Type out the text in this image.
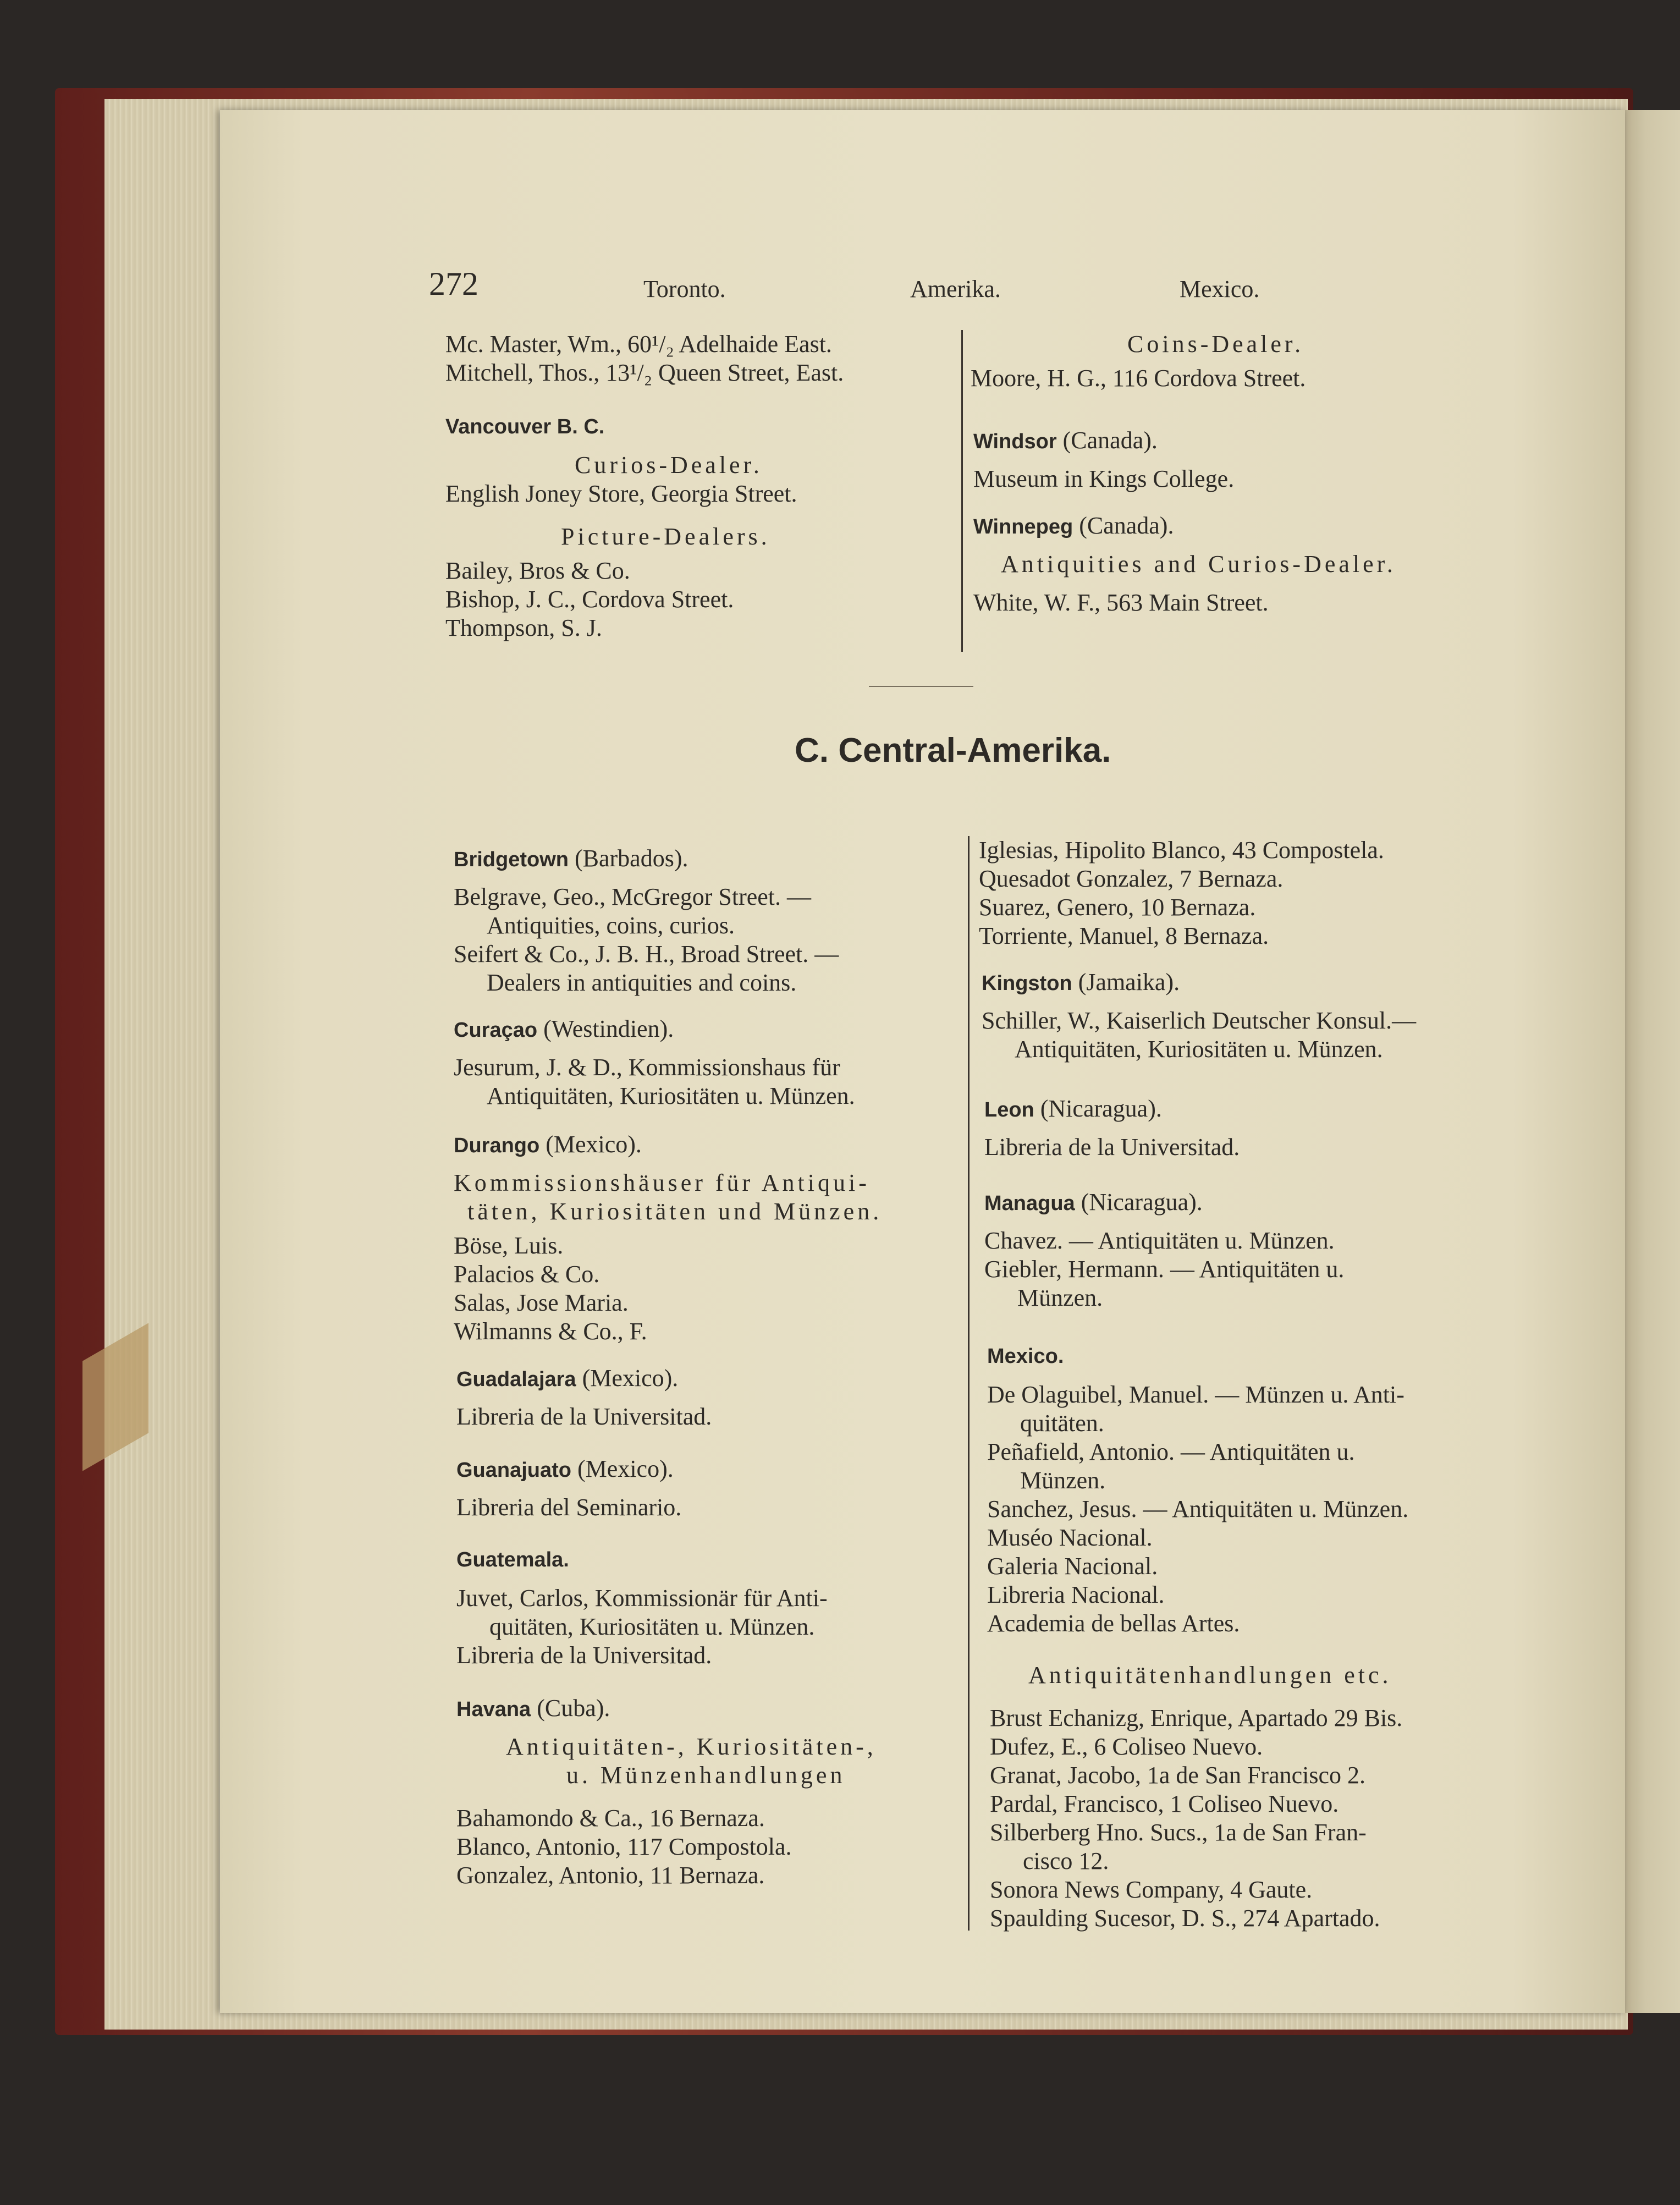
272	Toronto.	Amerika.	Mexico.
Mc. Master, Wm., 60¹/₂ Adelhaide East.
Mitchell, Thos., 13¹/₂ Queen Street, East.
Vancouver B. C.
Curios-Dealer.
English Joney Store, Georgia Street.
Picture-Dealers.
Bailey, Bros & Co.
Bishop, J. C., Cordova Street.
Thompson, S. J.
Coins-Dealer.
Moore, H. G., 116 Cordova Street.
Windsor (Canada).
Museum in Kings College.
Winnepeg (Canada).
Antiquities and Curios-Dealer.
White, W. F., 563 Main Street.
C. Central-Amerika.
Bridgetown (Barbados).
Belgrave, Geo., McGregor Street. —
Antiquities, coins, curios.
Seifert & Co., J. B. H., Broad Street. —
Dealers in antiquities and coins.
Curaçao (Westindien).
Jesurum, J. & D., Kommissionshaus für
Antiquitäten, Kuriositäten u. Münzen.
Durango (Mexico).
Kommissionshäuser für Antiqui-
täten, Kuriositäten und Münzen.
Böse, Luis.
Palacios & Co.
Salas, Jose Maria.
Wilmanns & Co., F.
Guadalajara (Mexico).
Libreria de la Universitad.
Guanajuato (Mexico).
Libreria del Seminario.
Guatemala.
Juvet, Carlos, Kommissionär für Anti-
quitäten, Kuriositäten u. Münzen.
Libreria de la Universitad.
Havana (Cuba).
Antiquitäten-, Kuriositäten-,
u. Münzenhandlungen
Bahamondo & Ca., 16 Bernaza.
Blanco, Antonio, 117 Compostola.
Gonzalez, Antonio, 11 Bernaza.
Iglesias, Hipolito Blanco, 43 Compostela.
Quesadot Gonzalez, 7 Bernaza.
Suarez, Genero, 10 Bernaza.
Torriente, Manuel, 8 Bernaza.
Kingston (Jamaika).
Schiller, W., Kaiserlich Deutscher Konsul.—
Antiquitäten, Kuriositäten u. Münzen.
Leon (Nicaragua).
Libreria de la Universitad.
Managua (Nicaragua).
Chavez. — Antiquitäten u. Münzen.
Giebler, Hermann. — Antiquitäten u.
Münzen.
Mexico.
De Olaguibel, Manuel. — Münzen u. Anti-
quitäten.
Peñafield, Antonio. — Antiquitäten u.
Münzen.
Sanchez, Jesus. — Antiquitäten u. Münzen.
Muséo Nacional.
Galeria Nacional.
Libreria Nacional.
Academia de bellas Artes.
Antiquitätenhandlungen etc.
Brust Echanizg, Enrique, Apartado 29 Bis.
Dufez, E., 6 Coliseo Nuevo.
Granat, Jacobo, 1a de San Francisco 2.
Pardal, Francisco, 1 Coliseo Nuevo.
Silberberg Hno. Sucs., 1a de San Fran-
cisco 12.
Sonora News Company, 4 Gaute.
Spaulding Sucesor, D. S., 274 Apartado.
